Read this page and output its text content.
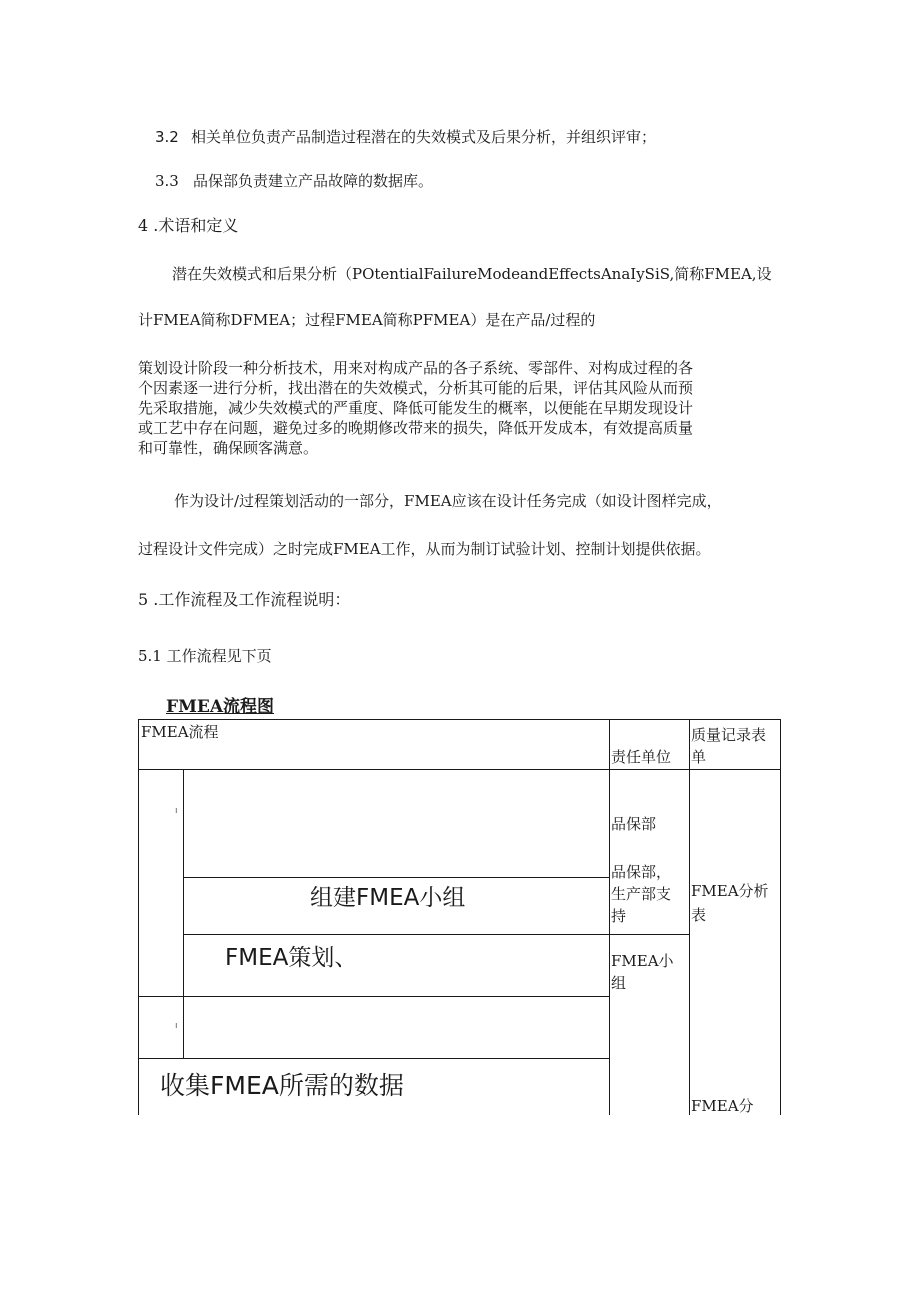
3.2 相关单位负责产品制造过程潜在的失效模式及后果分析，并组织评审；
3.3 品保部负责建立产品故障的数据库。
4 .术语和定义
潜在失效模式和后果分析（POtentialFailureModeandEffectsAnaIySiS,简称FMEA,设
计FMEA简称DFMEA；过程FMEA简称PFMEA）是在产品/过程的
策划设计阶段一种分析技术，用来对构成产品的各子系统、零部件、对构成过程的各
个因素逐一进行分析，找出潜在的失效模式，分析其可能的后果，评估其风险从而预
先采取措施，减少失效模式的严重度、降低可能发生的概率，以便能在早期发现设计
或工艺中存在问题，避免过多的晚期修改带来的损失，降低开发成本，有效提高质量
和可靠性，确保顾客满意。
作为设计/过程策划活动的一部分，FMEA应该在设计任务完成（如设计图样完成，
过程设计文件完成）之时完成FMEA工作，从而为制订试验计划、控制计划提供依据。
5 .工作流程及工作流程说明：
5.1 工作流程见下页
FMEA流程图
FMEA流程
责任单位
质量记录表
单
ı
ı
组建FMEA小组
FMEA策划、
收集FMEA所需的数据
品保部
品保部，
生产部支
持
FMEA小
组
FMEA分析
表
FMEA分
